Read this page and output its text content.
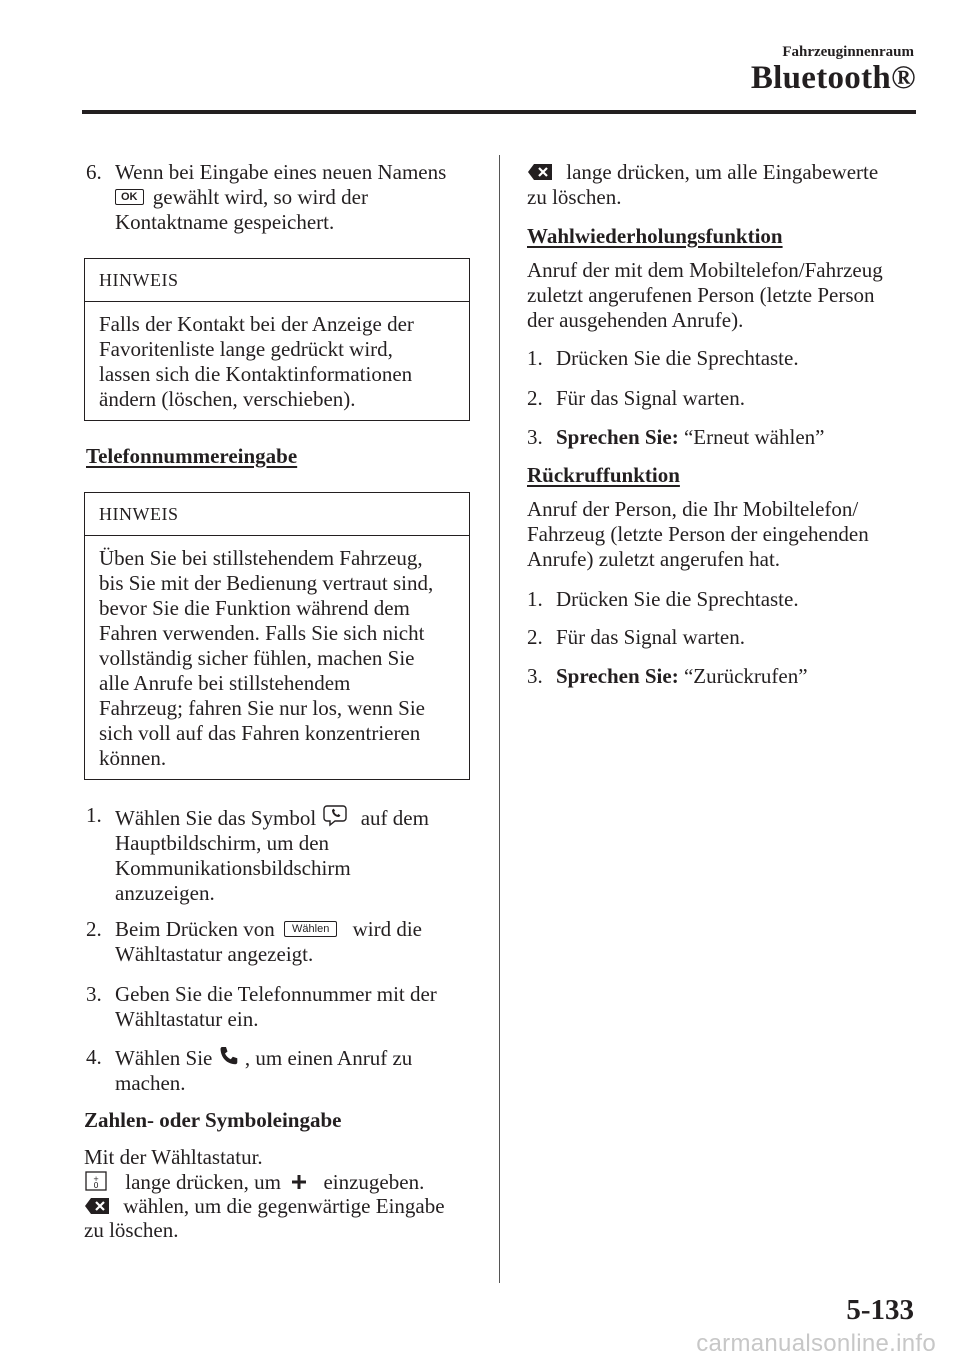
Fahrzeuginnenraum
Bluetooth®
6. Wenn bei Eingabe eines neuen Namens
OK gewählt wird, so wird der
Kontaktname gespeichert.
HINWEIS
Falls der Kontakt bei der Anzeige der
Favoritenliste lange gedrückt wird,
lassen sich die Kontaktinformationen
ändern (löschen, verschieben).
Telefonnummereingabe
HINWEIS
Üben Sie bei stillstehendem Fahrzeug,
bis Sie mit der Bedienung vertraut sind,
bevor Sie die Funktion während dem
Fahren verwenden. Falls Sie sich nicht
vollständig sicher fühlen, machen Sie
alle Anrufe bei stillstehendem
Fahrzeug; fahren Sie nur los, wenn Sie
sich voll auf das Fahren konzentrieren
können.
1. Wählen Sie das Symbol auf dem
Hauptbildschirm, um den
Kommunikationsbildschirm
anzuzeigen.
2. Beim Drücken von Wählen wird die
Wähltastatur angezeigt.
3. Geben Sie die Telefonnummer mit der
Wähltastatur ein.
4. Wählen Sie , um einen Anruf zu
machen.
Zahlen- oder Symboleingabe
Mit der Wähltastatur.
+
0 lange drücken, um einzugeben.
wählen, um die gegenwärtige Eingabe
zu löschen.
lange drücken, um alle Eingabewerte
zu löschen.
Wahlwiederholungsfunktion
Anruf der mit dem Mobiltelefon/Fahrzeug
zuletzt angerufenen Person (letzte Person
der ausgehenden Anrufe).
1. Drücken Sie die Sprechtaste.
2. Für das Signal warten.
3. Sprechen Sie: “Erneut wählen”
Rückruffunktion
Anruf der Person, die Ihr Mobiltelefon/
Fahrzeug (letzte Person der eingehenden
Anrufe) zuletzt angerufen hat.
1. Drücken Sie die Sprechtaste.
2. Für das Signal warten.
3. Sprechen Sie: “Zurückrufen”
5-133
carmanualsonline.info
